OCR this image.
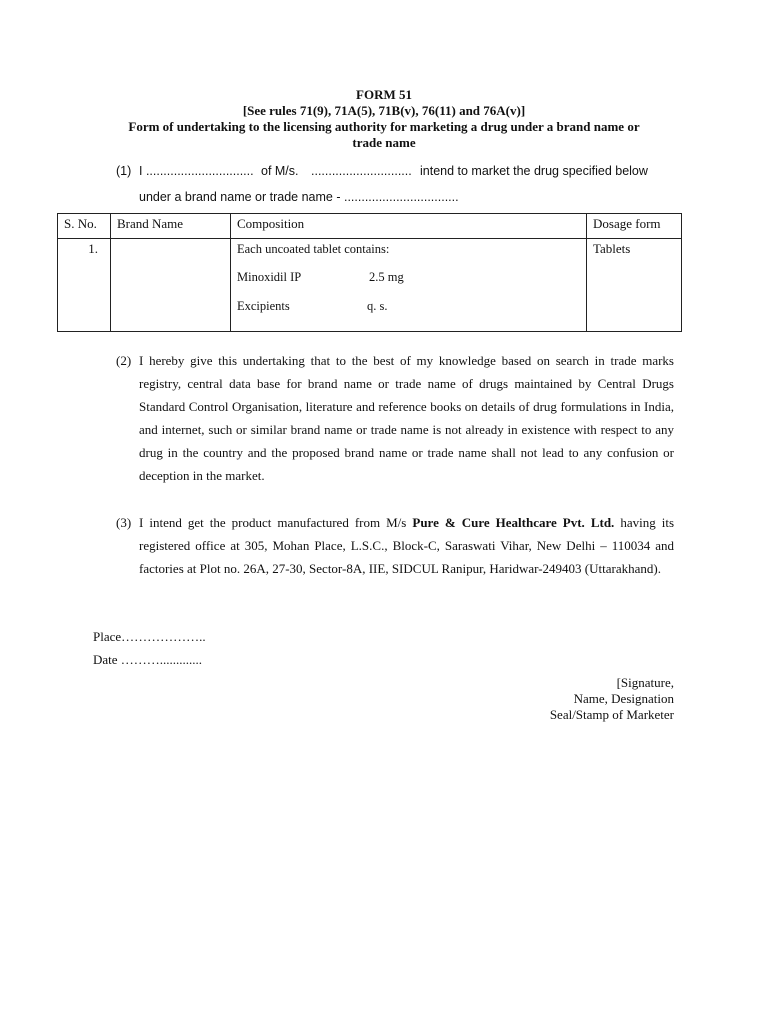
FORM 51
[See rules 71(9), 71A(5), 71B(v), 76(11) and 76A(v)]
Form of undertaking to the licensing authority for marketing a drug under a brand name or
trade name
(1) I ............................... of M/s. ............................. intend to market the drug specified below
under a brand name or trade name - .................................
S. No.	Brand Name	Composition	Dosage form
1.		Each uncoated tablet contains:
Minoxidil IP 2.5 mg
Excipients q. s.	Tablets
(2) I hereby give this undertaking that to the best of my knowledge based on search in trade marks registry, central data base for brand name or trade name of drugs maintained by Central Drugs Standard Control Organisation, literature and reference books on details of drug formulations in India, and internet, such or similar brand name or trade name is not already in existence with respect to any drug in the country and the proposed brand name or trade name shall not lead to any confusion or deception in the market.
(3) I intend get the product manufactured from M/s Pure & Cure Healthcare Pvt. Ltd. having its registered office at 305, Mohan Place, L.S.C., Block-C, Saraswati Vihar, New Delhi – 110034 and factories at Plot no. 26A, 27-30, Sector-8A, IIE, SIDCUL Ranipur, Haridwar-249403 (Uttarakhand).
Place………………..
Date ……….............
[Signature,
Name, Designation
Seal/Stamp of Marketer
